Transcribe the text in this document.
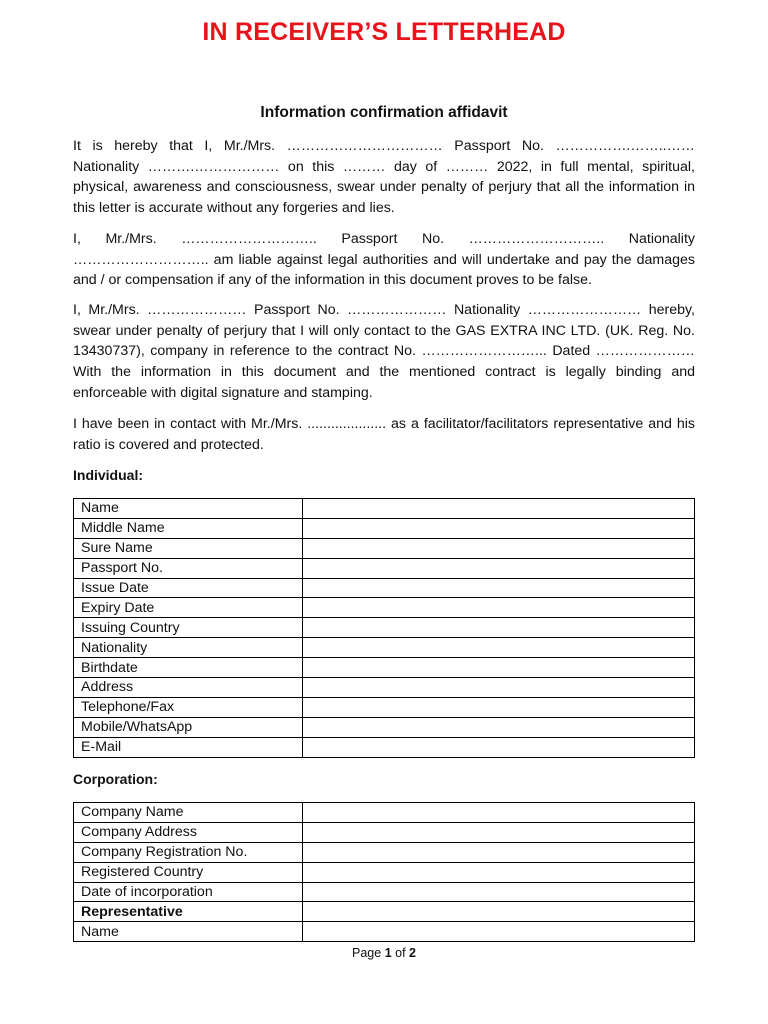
IN RECEIVER’S LETTERHEAD
Information confirmation affidavit

It is hereby that I, Mr./Mrs. …………………………… Passport No. …………….……..…… Nationality ……….……………… on this ……… day of ……… 2022, in full mental, spiritual, physical, awareness and consciousness, swear under penalty of perjury that all the information in this letter is accurate without any forgeries and lies.

I, Mr./Mrs. ……………………….. Passport No. ……………………….. Nationality ……………………….. am liable against legal authorities and will undertake and pay the damages and / or compensation if any of the information in this document proves to be false.

I, Mr./Mrs. ………………… Passport No. ………………… Nationality …………………… hereby, swear under penalty of perjury that I will only contact to the GAS EXTRA INC LTD. (UK. Reg. No. 13430737), company in reference to the contract No. ……………………... Dated ………………… With the information in this document and the mentioned contract is legally binding and enforceable with digital signature and stamping.

I have been in contact with Mr./Mrs. .................... as a facilitator/facilitators representative and his ratio is covered and protected.

Individual:
Name	
Middle Name	
Sure Name	
Passport No.	
Issue Date	
Expiry Date	
Issuing Country	
Nationality	
Birthdate	
Address	
Telephone/Fax	
Mobile/WhatsApp	
E-Mail	
Corporation:
Company Name	
Company Address	
Company Registration No.	
Registered Country	
Date of incorporation	
Representative	
Name	
Page 1 of 2
